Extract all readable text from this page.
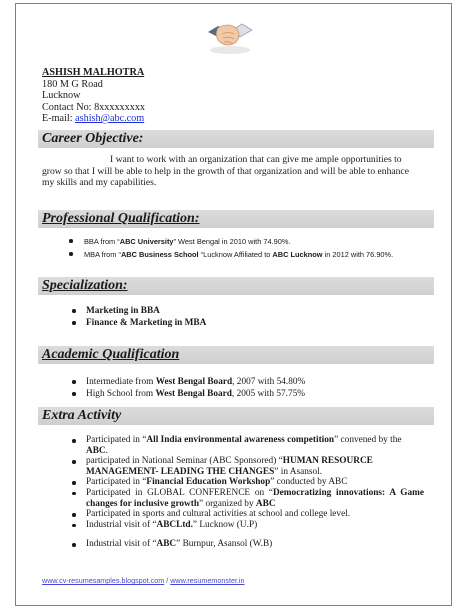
ASHISH MALHOTRA
180 M G Road
Lucknow
Contact No: 8xxxxxxxxx
E-mail: ashish@abc.com
Career Objective:
I want to work with an organization that can give me ample opportunities to grow so that I will be able to help in the growth of that organization and will be able to enhance my skills and my capabilities.
Professional Qualification:
BBA from “ABC University” West Bengal in 2010 with 74.90%.
MBA from “ABC Business School “Lucknow Affiliated to ABC Lucknow in 2012 with 76.90%.
Specialization:
Marketing in BBA
Finance & Marketing in MBA
Academic Qualification
Intermediate from West Bengal Board, 2007 with 54.80%
High School from West Bengal Board, 2005 with 57.75%
Extra Activity
Participated in “All India environmental awareness competition” convened by the ABC.
participated in National Seminar (ABC Sponsored) “HUMAN RESOURCE MANAGEMENT- LEADING THE CHANGES” in Asansol.
Participated in “Financial Education Workshop” conducted by ABC
Participated in GLOBAL CONFERENCE on “Democratizing innovations: A Game changes for inclusive growth” organized by ABC
Participated in sports and cultural activities at school and college level.
Industrial visit of “ABCLtd.” Lucknow (U.P)
Industrial visit of “ABC” Burnpur, Asansol (W.B)
www.cv-resumesamples.blogspot.com / www.resumemonster.in
